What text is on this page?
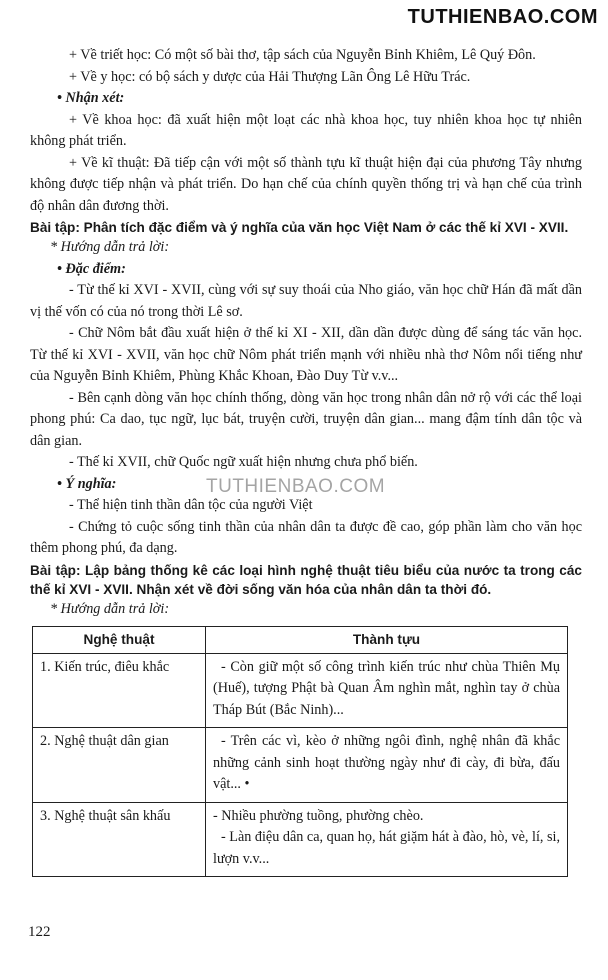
TUTHIENBAO.COM

+ Về triết học: Có một số bài thơ, tập sách của Nguyễn Bỉnh Khiêm, Lê Quý Đôn.

+ Về y học: có bộ sách y dược của Hải Thượng Lãn Ông Lê Hữu Trác.

• Nhận xét:

+ Về khoa học: đã xuất hiện một loạt các nhà khoa học, tuy nhiên khoa học tự nhiên không phát triển.

+ Về kĩ thuật: Đã tiếp cận với một số thành tựu kĩ thuật hiện đại của phương Tây nhưng không được tiếp nhận và phát triển. Do hạn chế của chính quyền thống trị và hạn chế của trình độ nhân dân đương thời.

Bài tập: Phân tích đặc điểm và ý nghĩa của văn học Việt Nam ở các thế kỉ XVI - XVII.

* Hướng dẫn trả lời:

• Đặc điểm:

- Từ thế kỉ XVI - XVII, cùng với sự suy thoái của Nho giáo, văn học chữ Hán đã mất dần vị thế vốn có của nó trong thời Lê sơ.

- Chữ Nôm bắt đầu xuất hiện ở thế kỉ XI - XII, dần dần được dùng để sáng tác văn học. Từ thế kỉ XVI - XVII, văn học chữ Nôm phát triển mạnh với nhiều nhà thơ Nôm nổi tiếng như của Nguyễn Bỉnh Khiêm, Phùng Khắc Khoan, Đào Duy Từ v.v...

- Bên cạnh dòng văn học chính thống, dòng văn học trong nhân dân nở rộ với các thể loại phong phú: Ca dao, tục ngữ, lục bát, truyện cười, truyện dân gian... mang đậm tính dân tộc và dân gian.

- Thế kỉ XVII, chữ Quốc ngữ xuất hiện nhưng chưa phổ biến.

• Ý nghĩa:

- Thể hiện tinh thần dân tộc của người Việt

- Chứng tỏ cuộc sống tinh thần của nhân dân ta được đề cao, góp phần làm cho văn học thêm phong phú, đa dạng.

Bài tập: Lập bảng thống kê các loại hình nghệ thuật tiêu biểu của nước ta trong các thế kỉ XVI - XVII. Nhận xét về đời sống văn hóa của nhân dân ta thời đó.

* Hướng dẫn trả lời:

Nghệ thuật	Thành tựu
1. Kiến trúc, điêu khắc	- Còn giữ một số công trình kiến trúc như chùa Thiên Mụ (Huế), tượng Phật bà Quan Âm nghìn mắt, nghìn tay ở chùa Tháp Bút (Bắc Ninh)...

2. Nghệ thuật dân gian	- Trên các vì, kèo ở những ngôi đình, nghệ nhân đã khắc những cảnh sinh hoạt thường ngày như đi cày, đi bừa, đấu vật... •

3. Nghệ thuật sân khấu	- Nhiều phường tuồng, phường chèo.

- Làn điệu dân ca, quan họ, hát giặm hát à đào, hò, vè, lí, si, lượn v.v...

TUTHIENBAO.COM

122
